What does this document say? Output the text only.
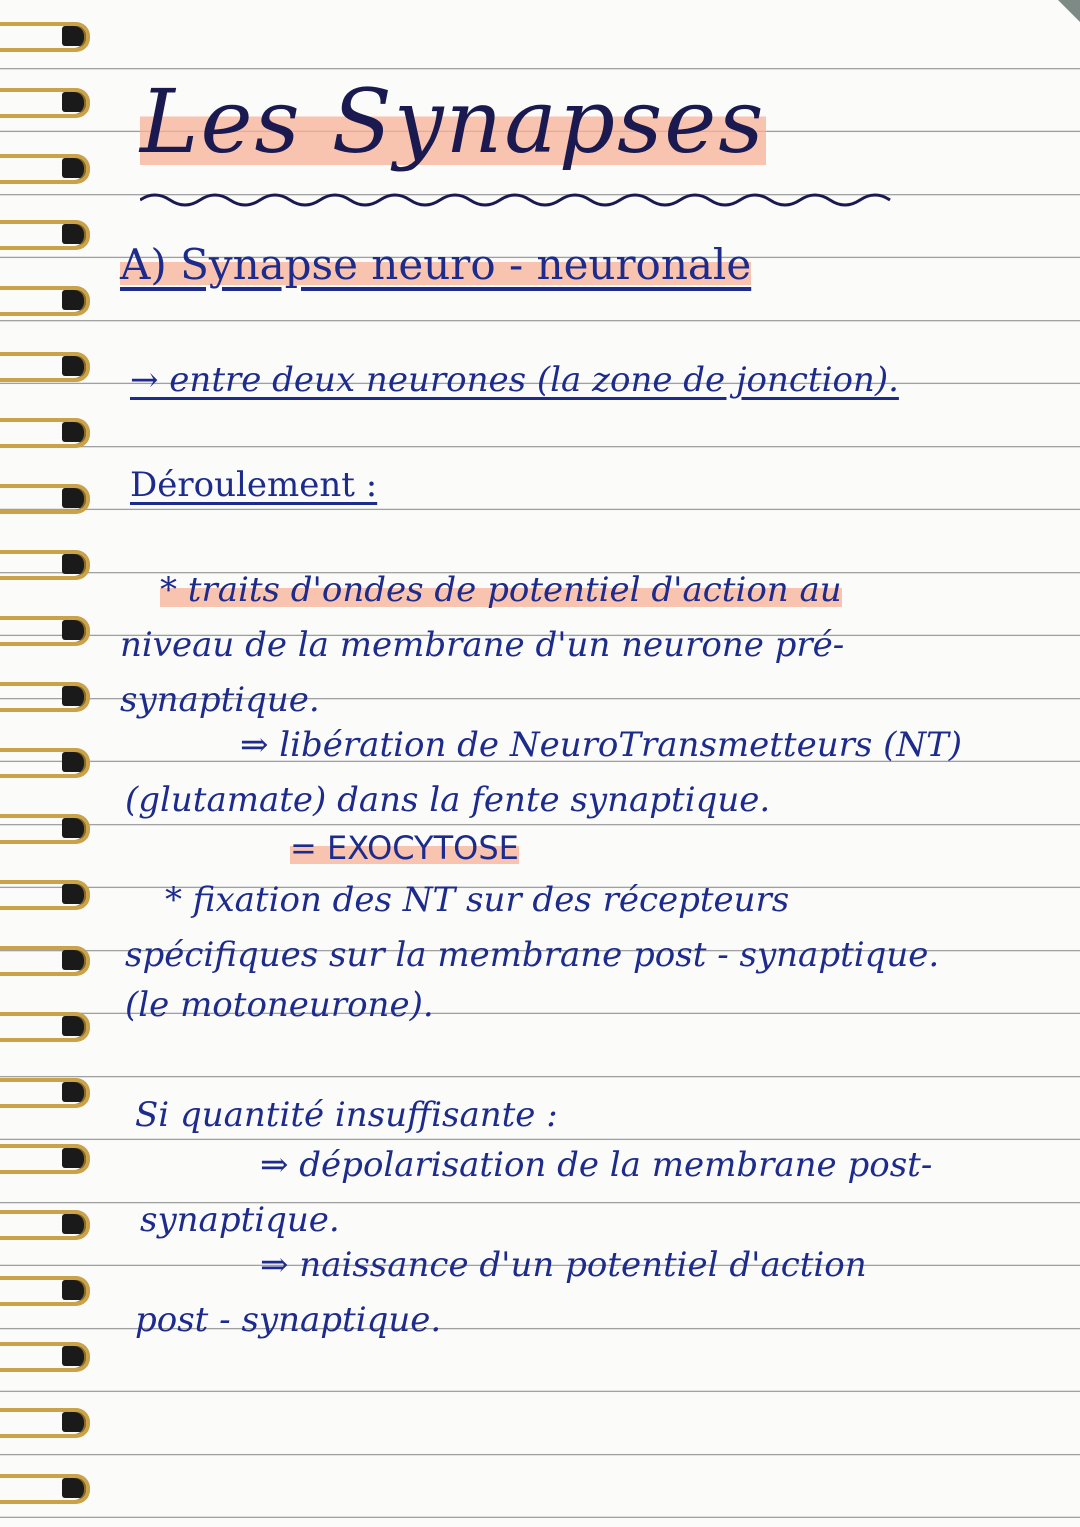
Les Synapses
A) Synapse neuro - neuronale
→ entre deux neurones (la zone de jonction).
Déroulement :
* traits d'ondes de potentiel d'action au
niveau de la membrane d'un neurone pré-
synaptique.
⇒ libération de NeuroTransmetteurs (NT)
(glutamate) dans la fente synaptique.
= EXOCYTOSE
* fixation des NT sur des récepteurs
spécifiques sur la membrane post - synaptique.
(le motoneurone).
Si quantité insuffisante :
⇒ dépolarisation de la membrane post-
synaptique.
⇒ naissance d'un potentiel d'action
post - synaptique.
